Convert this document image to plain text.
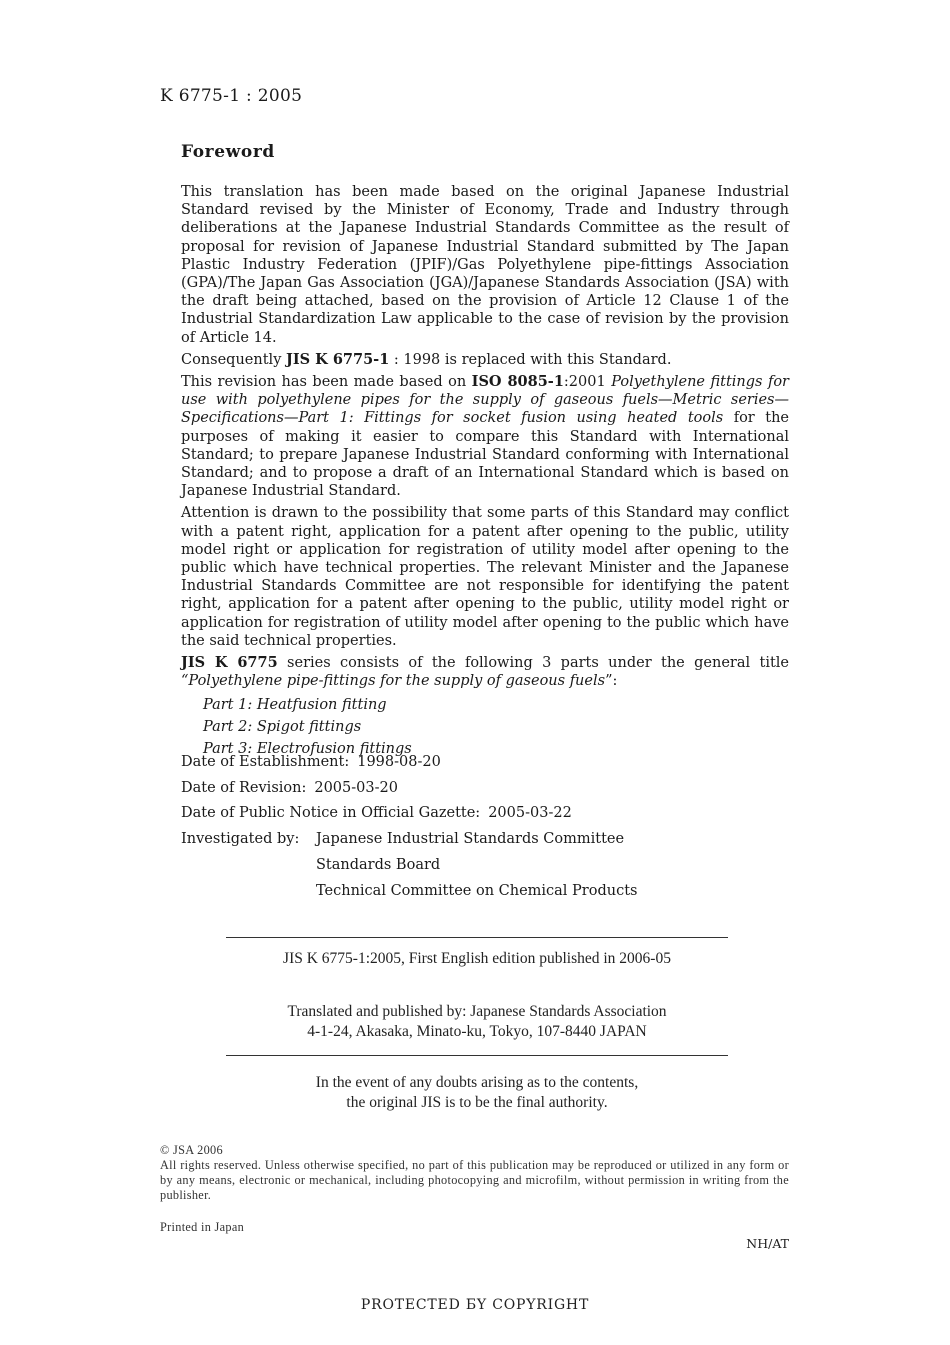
K 6775-1 : 2005
Foreword

This translation has been made based on the original Japanese Industrial Standard revised by the Minister of Economy, Trade and Industry through deliberations at the Japanese Industrial Standards Committee as the result of proposal for revision of Japanese Industrial Standard submitted by The Japan Plastic Industry Federation (JPIF)/Gas Polyethylene pipe-fittings Association (GPA)/The Japan Gas Association (JGA)/Japanese Standards Association (JSA) with the draft being attached, based on the provision of Article 12 Clause 1 of the Industrial Standardization Law applicable to the case of revision by the provision of Article 14.

Consequently JIS K 6775-1 : 1998 is replaced with this Standard.

This revision has been made based on ISO 8085-1:2001 Polyethylene fittings for use with polyethylene pipes for the supply of gaseous fuels—Metric series—Specifications—Part 1: Fittings for socket fusion using heated tools for the purposes of making it easier to compare this Standard with International Standard; to prepare Japanese Industrial Standard conforming with International Standard; and to propose a draft of an International Standard which is based on Japanese Industrial Standard.

Attention is drawn to the possibility that some parts of this Standard may conflict with a patent right, application for a patent after opening to the public, utility model right or application for registration of utility model after opening to the public which have technical properties. The relevant Minister and the Japanese Industrial Standards Committee are not responsible for identifying the patent right, application for a patent after opening to the public, utility model right or application for registration of utility model after opening to the public which have the said technical properties.

JIS K 6775 series consists of the following 3 parts under the general title “Polyethylene pipe-fittings for the supply of gaseous fuels”:

Part 1: Heatfusion fitting
Part 2: Spigot fittings
Part 3: Electrofusion fittings
Date of Establishment: 1998-08-20
Date of Revision: 2005-03-20
Date of Public Notice in Official Gazette: 2005-03-22
Investigated by:	Japanese Industrial Standards Committee
Standards Board
Technical Committee on Chemical Products
JIS K 6775-1:2005, First English edition published in 2006-05
Translated and published by: Japanese Standards Association
4-1-24, Akasaka, Minato-ku, Tokyo, 107-8440 JAPAN
In the event of any doubts arising as to the contents,
the original JIS is to be the final authority.
© JSA 2006
All rights reserved. Unless otherwise specified, no part of this publication may be reproduced or utilized in any form or by any means, electronic or mechanical, including photocopying and microfilm, without permission in writing from the publisher.
Printed in Japan
NH/AT
PROTECTED БY COPYRIGHT
